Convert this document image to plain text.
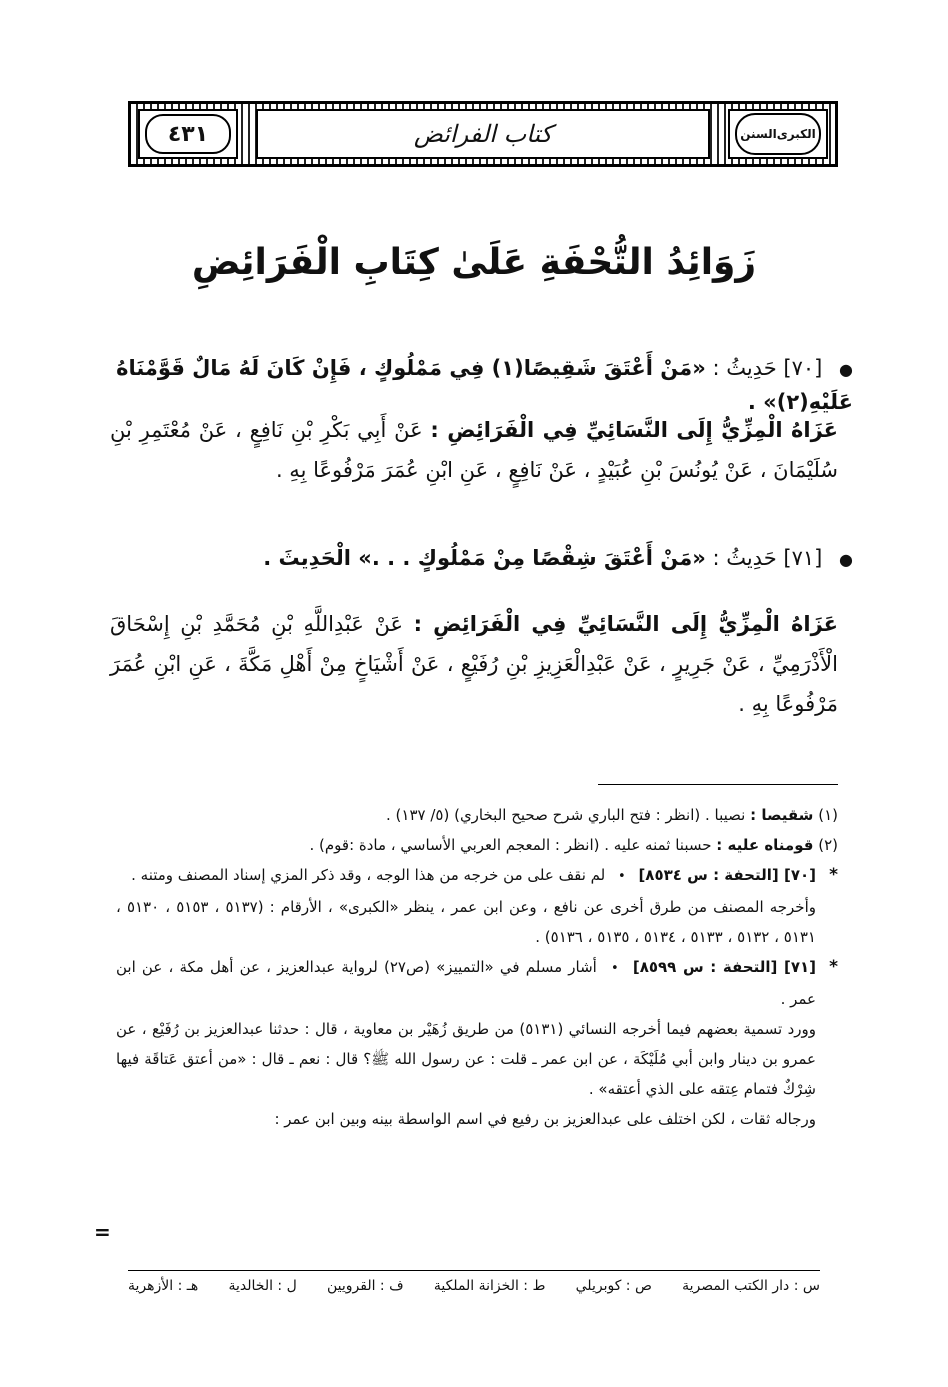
٤٣١	كتاب الفرائض	السنن الكبرى
زَوَائِدُ التُّحْفَةِ عَلَىٰ كِتَابِ الْفَرَائِضِ
● [٧٠] حَدِيثُ : «مَنْ أَعْتَقَ شَقِيصًا(١) فِي مَمْلُوكٍ ، فَإِنْ كَانَ لَهُ مَالٌ قَوَّمْنَاهُ عَلَيْهِ(٢)» .
عَزَاهُ الْمِزِّيُّ إِلَى النَّسَائِيِّ فِي الْفَرَائِضِ : عَنْ أَبِي بَكْرِ بْنِ نَافِعٍ ، عَنْ مُعْتَمِرِ بْنِ سُلَيْمَانَ ، عَنْ يُونُسَ بْنِ عُبَيْدٍ ، عَنْ نَافِعٍ ، عَنِ ابْنِ عُمَرَ مَرْفُوعًا بِهِ .
● [٧١] حَدِيثُ : «مَنْ أَعْتَقَ شِقْصًا مِنْ مَمْلُوكٍ . . .» الْحَدِيثَ .
عَزَاهُ الْمِزِّيُّ إِلَى النَّسَائِيِّ فِي الْفَرَائِضِ : عَنْ عَبْدِاللَّهِ بْنِ مُحَمَّدِ بْنِ إِسْحَاقَ الْأَذْرَمِيِّ ، عَنْ جَرِيرٍ ، عَنْ عَبْدِالْعَزِيزِ بْنِ رُفَيْعٍ ، عَنْ أَشْيَاخٍ مِنْ أَهْلِ مَكَّةَ ، عَنِ ابْنِ عُمَرَ مَرْفُوعًا بِهِ .

(١) شقيصا : نصيبا . (انظر : فتح الباري شرح صحيح البخاري) (٥/ ١٣٧) .

(٢) قومناه عليه : حسبنا ثمنه عليه . (انظر : المعجم العربي الأساسي ، مادة :قوم) .

*
[٧٠] [التحفة : س ٨٥٣٤] • لم نقف على من خرجه من هذا الوجه ، وقد ذكر المزي إسناد المصنف ومتنه .

وأخرجه المصنف من طرق أخرى عن نافع ، وعن ابن عمر ، ينظر «الكبرى» ، الأرقام : (٥١٣٧ ، ٥١٥٣ ، ٥١٣٠ ، ٥١٣١ ، ٥١٣٢ ، ٥١٣٣ ، ٥١٣٤ ، ٥١٣٥ ، ٥١٣٦) .

*
[٧١] [التحفة : س ٨٥٩٩] • أشار مسلم في «التمييز» (ص٢٧) لرواية عبدالعزيز ، عن أهل مكة ، عن ابن عمر .

وورد تسمية بعضهم فيما أخرجه النسائي (٥١٣١) من طريق زُهَيْر بن معاوية ، قال : حدثنا عبدالعزيز بن رُفَيْع ، عن عمرو بن دينار وابن أبي مُلَيْكَة ، عن ابن عمر ـ قلت : عن رسول الله ﷺ؟ قال : نعم ـ قال : «من أعتق عَتاقَة فيها شِرْكٌ فتمام عِتقه على الذي أعتقه» .

ورجاله ثقات ، لكن اختلف على عبدالعزيز بن رفيع في اسم الواسطة بينه وبين ابن عمر :

=
س : دار الكتب المصرية
ص : كوبريلي
ط : الخزانة الملكية
ف : القرويين
ل : الخالدية
هـ : الأزهرية
